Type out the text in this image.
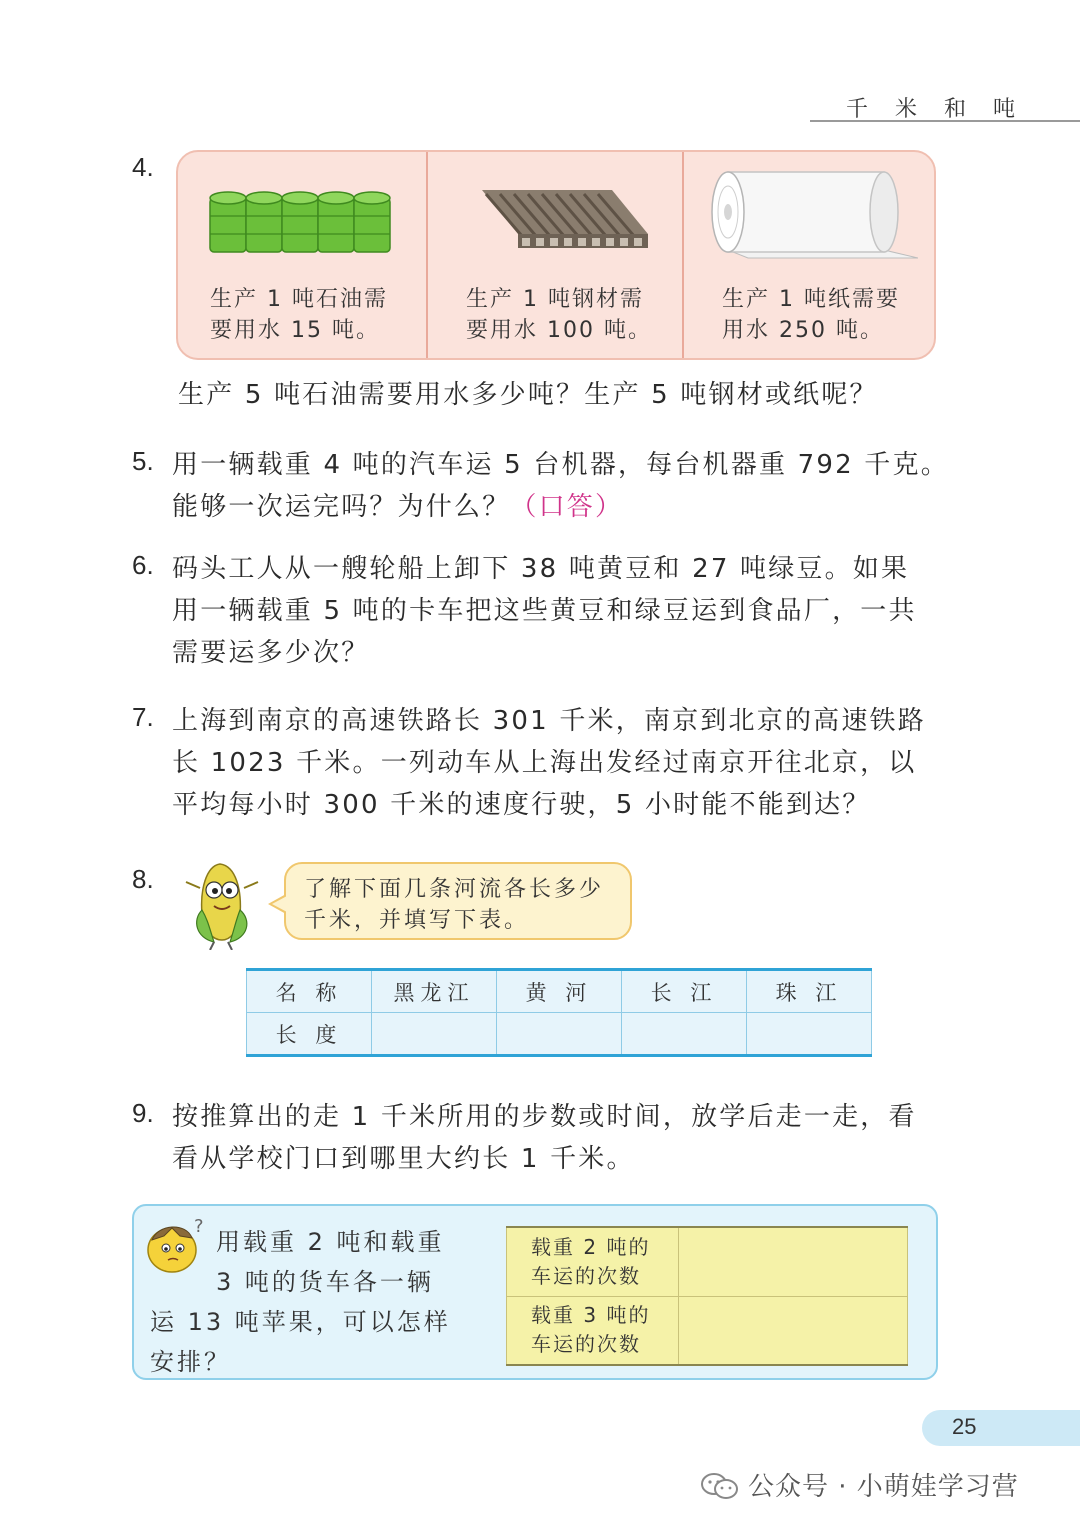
千 米 和 吨
4.
生产 1 吨石油需
要用水 15 吨。
生产 1 吨钢材需
要用水 100 吨。
生产 1 吨纸需要
用水 250 吨。
生产 5 吨石油需要用水多少吨？生产 5 吨钢材或纸呢？
5. 用一辆载重 4 吨的汽车运 5 台机器，每台机器重 792 千克。
能够一次运完吗？为什么？（口答）
6. 码头工人从一艘轮船上卸下 38 吨黄豆和 27 吨绿豆。如果
用一辆载重 5 吨的卡车把这些黄豆和绿豆运到食品厂，一共
需要运多少次？
7. 上海到南京的高速铁路长 301 千米，南京到北京的高速铁路
长 1023 千米。一列动车从上海出发经过南京开往北京，以
平均每小时 300 千米的速度行驶，5 小时能不能到达？
8.	了解下面几条河流各长多少
千米，并填写下表。
名 称	黑龙江	黄 河	长 江	珠 江
长 度				
9. 按推算出的走 1 千米所用的步数或时间，放学后走一走，看
看从学校门口到哪里大约长 1 千米。
?
用载重 2 吨和载重
3 吨的货车各一辆
运 13 吨苹果，可以怎样
安排？
载重 2 吨的
车运的次数	
载重 3 吨的
车运的次数	
25
公众号 · 小萌娃学习营
